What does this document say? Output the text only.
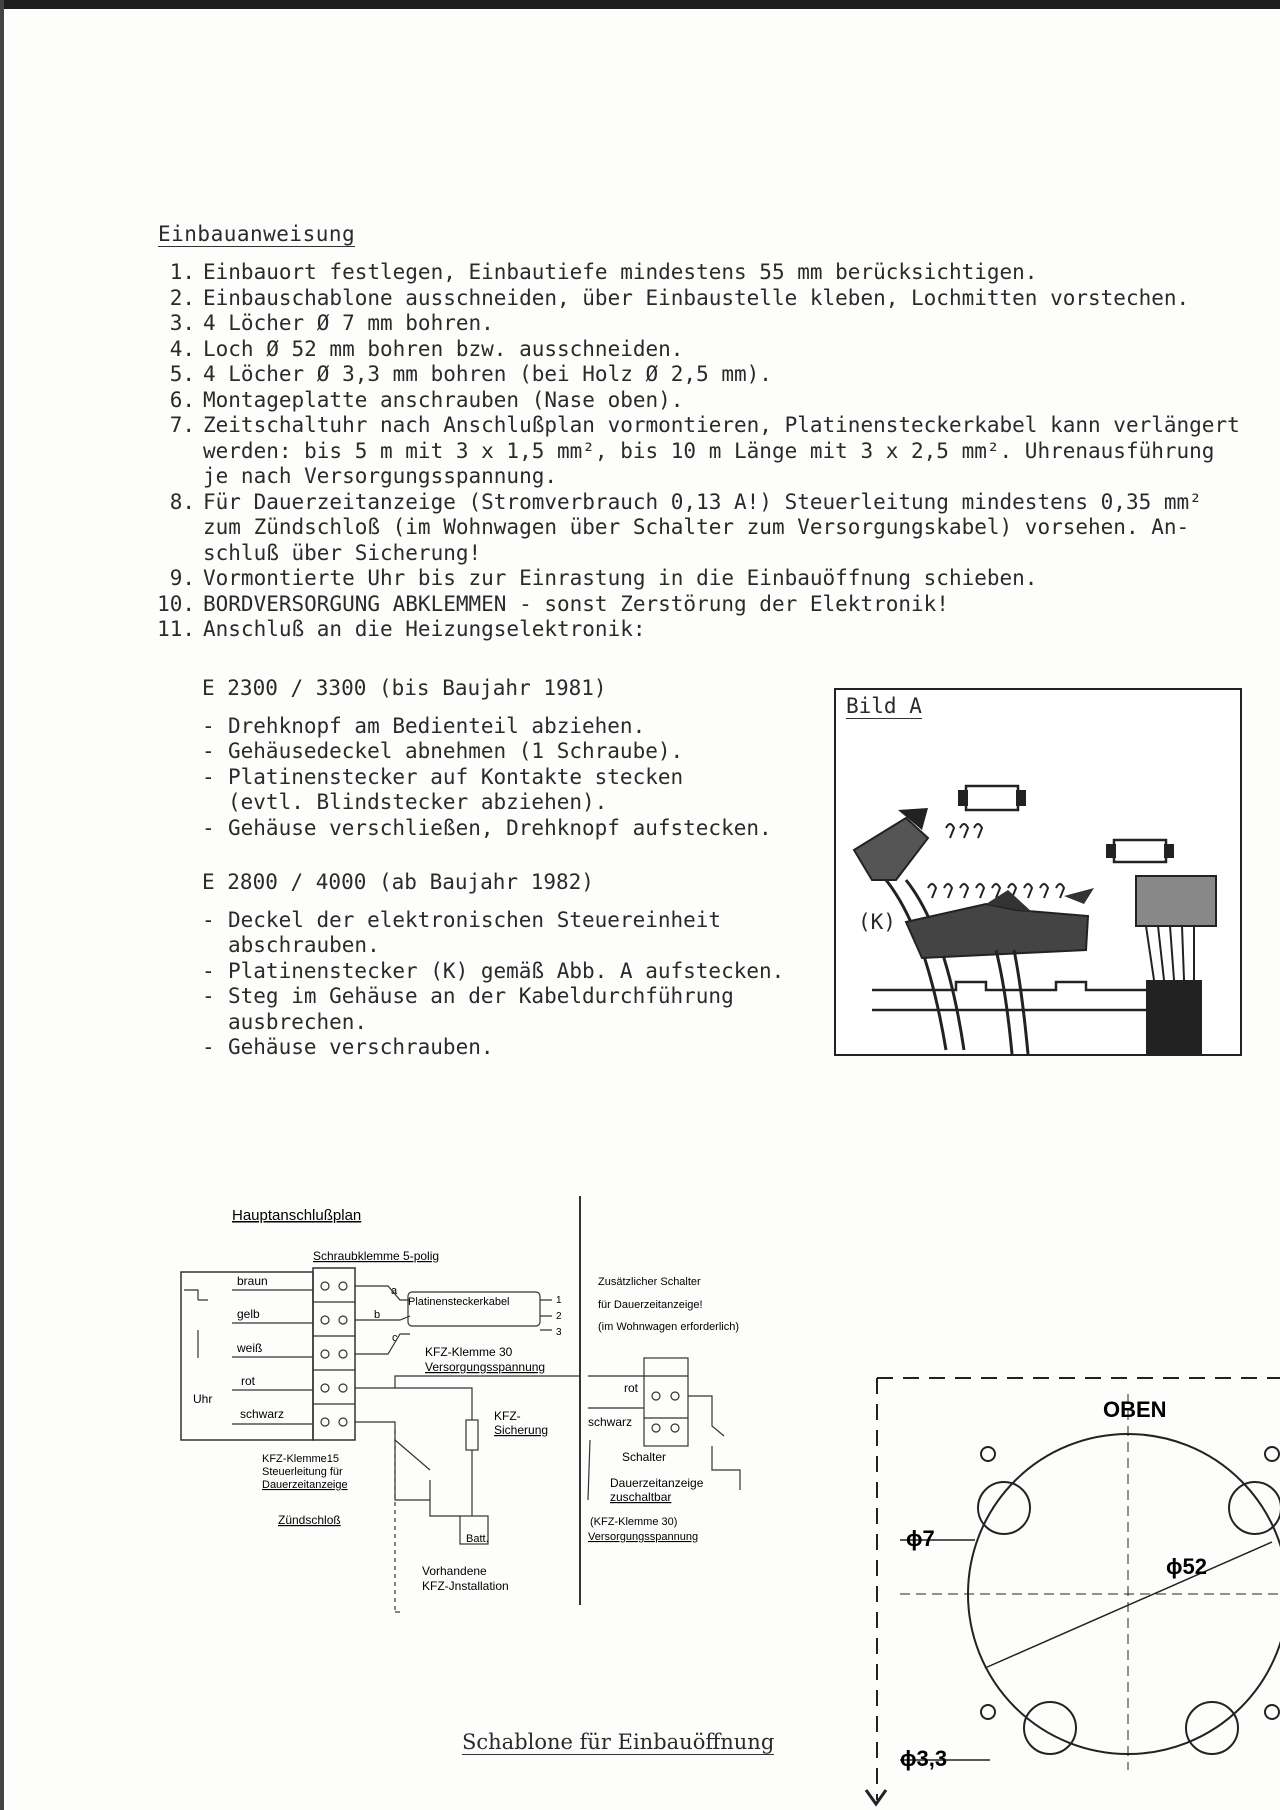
Einbauanweisung
1. Einbauort festlegen, Einbautiefe mindestens 55 mm berücksichtigen.
2. Einbauschablone ausschneiden, über Einbaustelle kleben, Lochmitten vorstechen.
3. 4 Löcher Ø 7 mm bohren.
4. Loch Ø 52 mm bohren bzw. ausschneiden.
5. 4 Löcher Ø 3,3 mm bohren (bei Holz Ø 2,5 mm).
6. Montageplatte anschrauben (Nase oben).
7. Zeitschaltuhr nach Anschlußplan vormontieren, Platinensteckerkabel kann verlängert
werden: bis 5 m mit 3 x 1,5 mm², bis 10 m Länge mit 3 x 2,5 mm². Uhrenausführung
je nach Versorgungsspannung.
8. Für Dauerzeitanzeige (Stromverbrauch 0,13 A!) Steuerleitung mindestens 0,35 mm²
zum Zündschloß (im Wohnwagen über Schalter zum Versorgungskabel) vorsehen. An-
schluß über Sicherung!
9. Vormontierte Uhr bis zur Einrastung in die Einbauöffnung schieben.
10. BORDVERSORGUNG ABKLEMMEN - sonst Zerstörung der Elektronik!
11. Anschluß an die Heizungselektronik:
E 2300 / 3300 (bis Baujahr 1981)
- Drehknopf am Bedienteil abziehen.
- Gehäusedeckel abnehmen (1 Schraube).
- Platinenstecker auf Kontakte stecken
(evtl. Blindstecker abziehen).
- Gehäuse verschließen, Drehknopf aufstecken.
E 2800 / 4000 (ab Baujahr 1982)
- Deckel der elektronischen Steuereinheit
abschrauben.
- Platinenstecker (K) gemäß Abb. A aufstecken.
- Steg im Gehäuse an der Kabeldurchführung
ausbrechen.
- Gehäuse verschrauben.
Bild A
(K)
Hauptanschlußplan
Schraubklemme 5-polig
Uhr
braun
gelb
weiß
rot
schwarz
a
b
c
Platinensteckerkabel	1
2
3
KFZ-Klemme 30
Versorgungsspannung
KFZ-
Sicherung
KFZ-Klemme15
Steuerleitung für
Dauerzeitanzeige
Zündschloß
Batt.
Vorhandene
KFZ-Jnstallation
Zusätzlicher Schalter
für Dauerzeitanzeige!
(im Wohnwagen erforderlich)
rot
schwarz
Schalter
Dauerzeitanzeige
zuschaltbar
(KFZ-Klemme 30)
Versorgungsspannung
OBEN
ϕ7
ϕ52
ϕ3,3
Schablone für Einbauöffnung
